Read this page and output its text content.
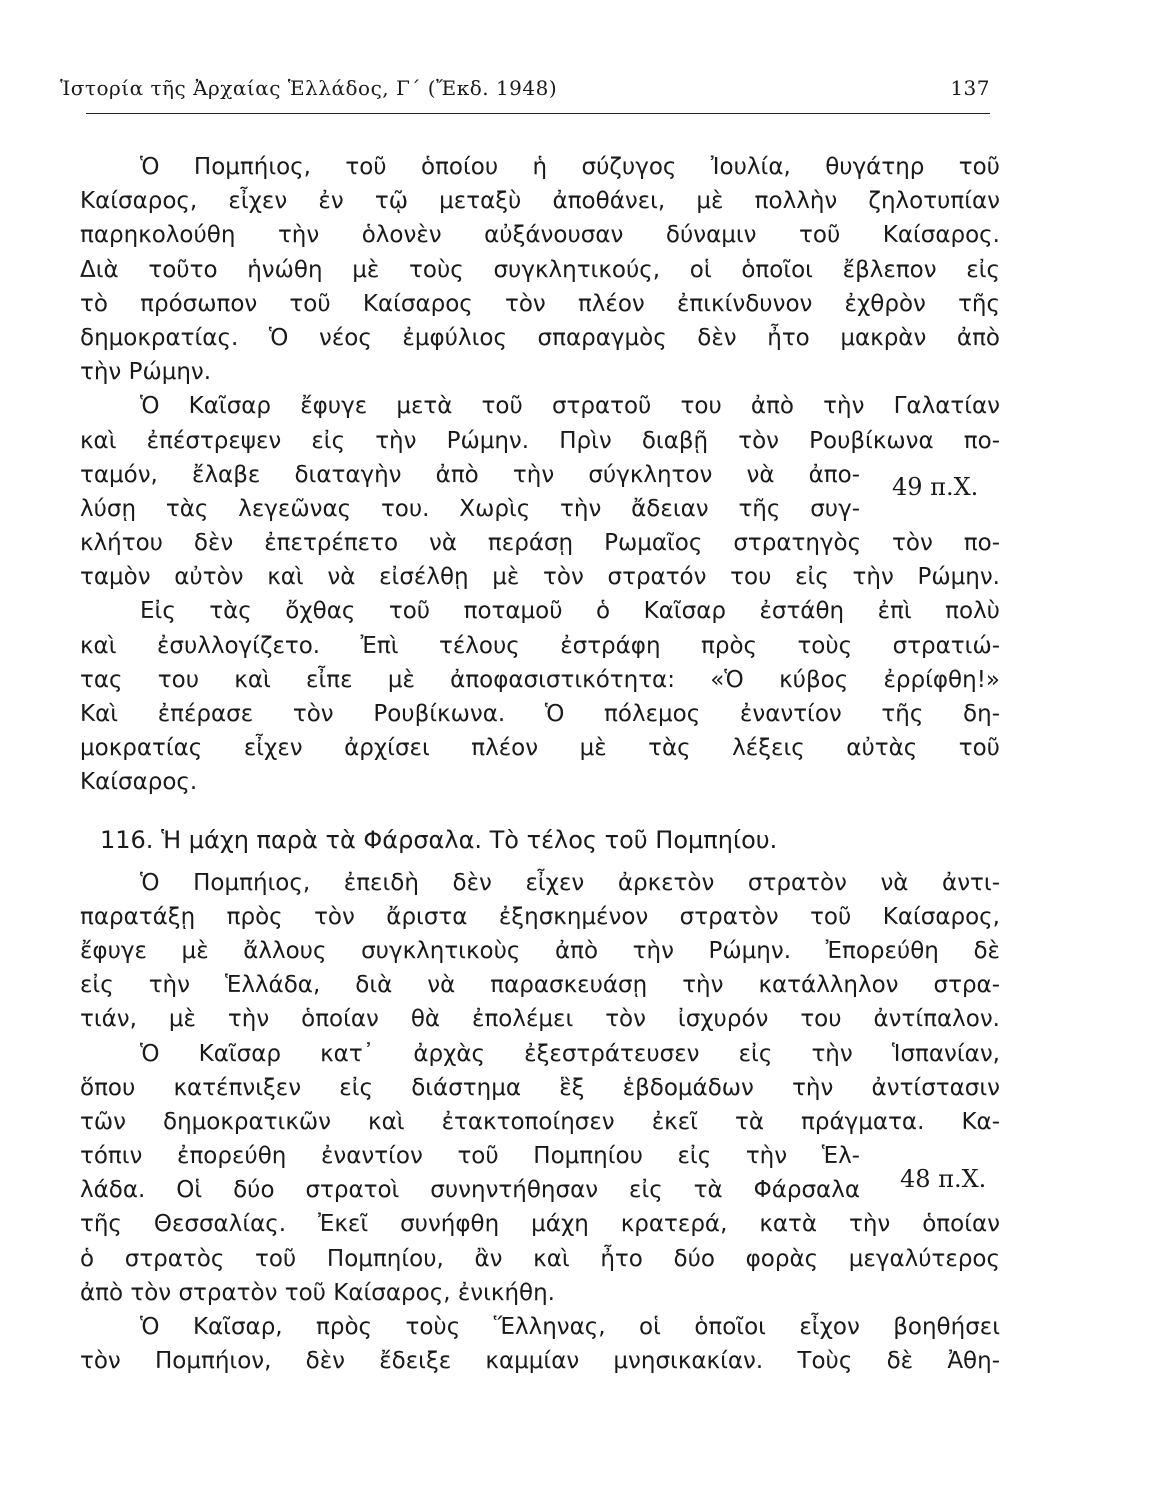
Ἱστορία τῆς Ἀρχαίας Ἑλλάδος, Γ΄ (Ἔκδ. 1948)	137
Ὁ Πομπήιος, τοῦ ὁποίου ἡ σύζυγος Ἰουλία, θυγάτηρ τοῦ
Καίσαρος, εἶχεν ἐν τῷ μεταξὺ ἀποθάνει, μὲ πολλὴν ζηλοτυπίαν
παρηκολούθη τὴν ὁλονὲν αὐξάνουσαν δύναμιν τοῦ Καίσαρος.
Διὰ τοῦτο ἡνώθη μὲ τοὺς συγκλητικούς, οἱ ὁποῖοι ἔβλεπον εἰς
τὸ πρόσωπον τοῦ Καίσαρος τὸν πλέον ἐπικίνδυνον ἐχθρὸν τῆς
δημοκρατίας. Ὁ νέος ἐμφύλιος σπαραγμὸς δὲν ἦτο μακρὰν ἀπὸ
τὴν Ρώμην.
Ὁ Καῖσαρ ἔφυγε μετὰ τοῦ στρατοῦ του ἀπὸ τὴν Γαλατίαν
καὶ ἐπέστρεψεν εἰς τὴν Ρώμην. Πρὶν διαβῇ τὸν Ρουβίκωνα πο-
ταμόν, ἔλαβε διαταγὴν ἀπὸ τὴν σύγκλητον νὰ ἀπο-
λύσῃ τὰς λεγεῶνας του. Χωρὶς τὴν ἄδειαν τῆς συγ-
κλήτου δὲν ἐπετρέπετο νὰ περάσῃ Ρωμαῖος στρατηγὸς τὸν πο-
ταμὸν αὐτὸν καὶ νὰ εἰσέλθῃ μὲ τὸν στρατόν του εἰς τὴν Ρώμην.
Εἰς τὰς ὄχθας τοῦ ποταμοῦ ὁ Καῖσαρ ἐστάθη ἐπὶ πολὺ
καὶ ἐσυλλογίζετο. Ἐπὶ τέλους ἐστράφη πρὸς τοὺς στρατιώ-
τας του καὶ εἶπε μὲ ἀποφασιστικότητα: «Ὁ κύβος ἐρρίφθη!»
Καὶ ἐπέρασε τὸν Ρουβίκωνα. Ὁ πόλεμος ἐναντίον τῆς δη-
μοκρατίας εἶχεν ἀρχίσει πλέον μὲ τὰς λέξεις αὐτὰς τοῦ
Καίσαρος.
116. Ἡ μάχη παρὰ τὰ Φάρσαλα. Τὸ τέλος τοῦ Πομπηίου.
Ὁ Πομπήιος, ἐπειδὴ δὲν εἶχεν ἀρκετὸν στρατὸν νὰ ἀντι-
παρατάξῃ πρὸς τὸν ἄριστα ἐξησκημένον στρατὸν τοῦ Καίσαρος,
ἔφυγε μὲ ἄλλους συγκλητικοὺς ἀπὸ τὴν Ρώμην. Ἐπορεύθη δὲ
εἰς τὴν Ἑλλάδα, διὰ νὰ παρασκευάσῃ τὴν κατάλληλον στρα-
τιάν, μὲ τὴν ὁποίαν θὰ ἐπολέμει τὸν ἰσχυρόν του ἀντίπαλον.
Ὁ Καῖσαρ κατ᾿ ἀρχὰς ἐξεστράτευσεν εἰς τὴν Ἱσπανίαν,
ὅπου κατέπνιξεν εἰς διάστημα ἓξ ἑβδομάδων τὴν ἀντίστασιν
τῶν δημοκρατικῶν καὶ ἐτακτοποίησεν ἐκεῖ τὰ πράγματα. Κα-
τόπιν ἐπορεύθη ἐναντίον τοῦ Πομπηίου εἰς τὴν Ἑλ-
λάδα. Οἱ δύο στρατοὶ συνηντήθησαν εἰς τὰ Φάρσαλα
τῆς Θεσσαλίας. Ἐκεῖ συνήφθη μάχη κρατερά, κατὰ τὴν ὁποίαν
ὁ στρατὸς τοῦ Πομπηίου, ἂν καὶ ἦτο δύο φορὰς μεγαλύτερος
ἀπὸ τὸν στρατὸν τοῦ Καίσαρος, ἐνικήθη.
Ὁ Καῖσαρ, πρὸς τοὺς Ἕλληνας, οἱ ὁποῖοι εἶχον βοηθήσει
τὸν Πομπήιον, δὲν ἔδειξε καμμίαν μνησικακίαν. Τοὺς δὲ Ἀθη-
49 π.Χ.
48 π.Χ.
